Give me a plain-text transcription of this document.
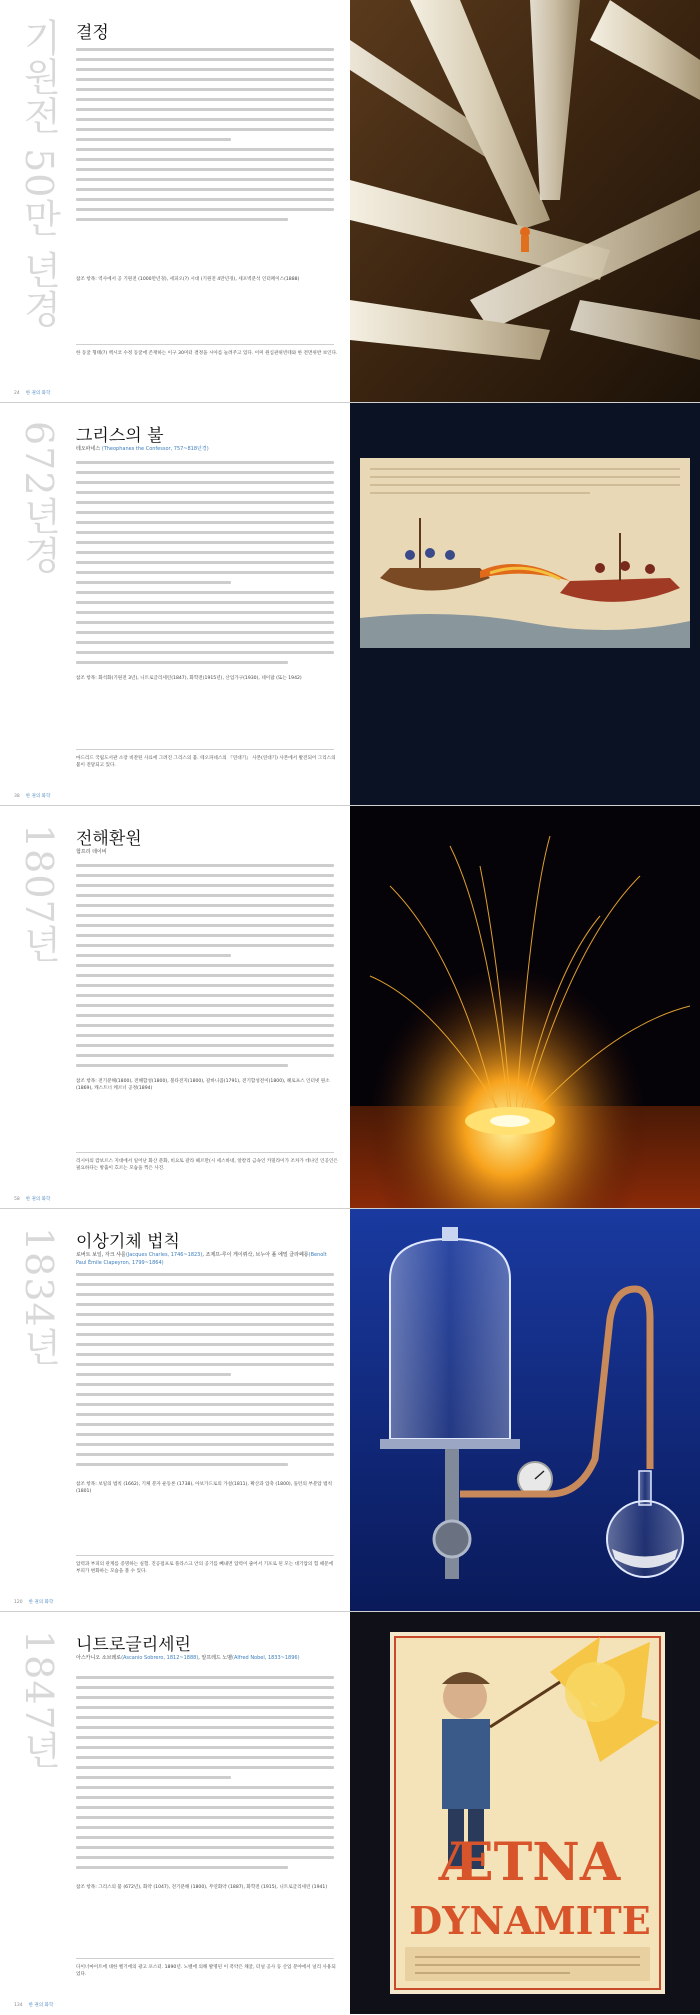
기원전 50만 년경 결정
참조 항목: 역사에서 공 기원전 (1000만년경), 세피오(?) 시대 (기원전 4만년경), 세포벽분석 인터페이스(1888)
한 동굴 형태(?) 멕시코 수정 동굴에 존재하는 이구 30미터 결정을 시아를 늘려주고 있다. 이미 원심관위빈테와 한 전면위반 보인다.
24 한 권의 화학
672년경 그리스의 불
테오파네스 (Theophanes the Confessor, 757~818년경)
참조 항목: 화석화(기원전 3년), 니트로글리세린(1847), 화학전(1915년), 산업가구(1930), 네이팜 (또는 1942)
마드리드 국립도서관 소장 비잔틴 사료에 그려진 그리스의 불. 테오파네스의 『연대기』 사본(연대기) 사본에서 발견되어 그리스의 불이 전달되고 있다.
38 한 권의 화학
1807년 전해환원
험프리 데이비
참조 항목: 전기분해(1800), 전해합성(1800), 볼타전지(1800), 갈바니즘(1791), 전기합성전이(1800), 헤로프스 인터넷 원소(1869), 캐스트너 케르너 공정(1894)
리시아의 캄보르스 지대에서 일어난 화산 분화, 비요토 갈라 헤르만(시 세스바네, 알칼리 금속인 카밀라이가 조차가 데나인 인공인은 필요하다는 방출이 흐르는 모습을 찍은 사진.
58 한 권의 화학
1834년 이상기체 법칙
로버트 보일, 자크 샤를(Jacques Charles, 1746~1823), 조제프-루이 게이뤼삭, 브누아 폴 에밀 클라페롱(Benoît Paul Émile Clapeyron, 1799~1864)
참조 항목: 보일의 법칙 (1662), 기체 분자 운동론 (1738), 아보가드로의 가설(1811), 확산과 압축 (1800), 돌턴의 부분압 법칙 (1801)
압력과 부피의 관계를 증명하는 실험. 진공펌프로 플라스크 안의 공기를 빼내면 압력이 줄어서 기포로 된 모는 대기압의 힘 때문에 부피가 변화하는 모습을 볼 수 있다.
120 한 권의 화학
1847년 니트로글리세린
아스카니오 소브레로(Ascanio Sobrero, 1812~1888), 알프레드 노벨(Alfred Nobel, 1833~1896)
참조 항목: 그리스의 불 (672년), 화약 (1047), 전기분해 (1800), 무연화약 (1887), 화학전 (1915), 니트로글리세린 (1941)
다이너마이트에 대한 벨기에의 광고 포스터. 1890년. 노벨에 의해 발명된 이 폭약은 채굴, 터널 공사 등 산업 분야에서 널리 사용되었다.
134 한 권의 화학
ÆTNA
DYNAMITE
